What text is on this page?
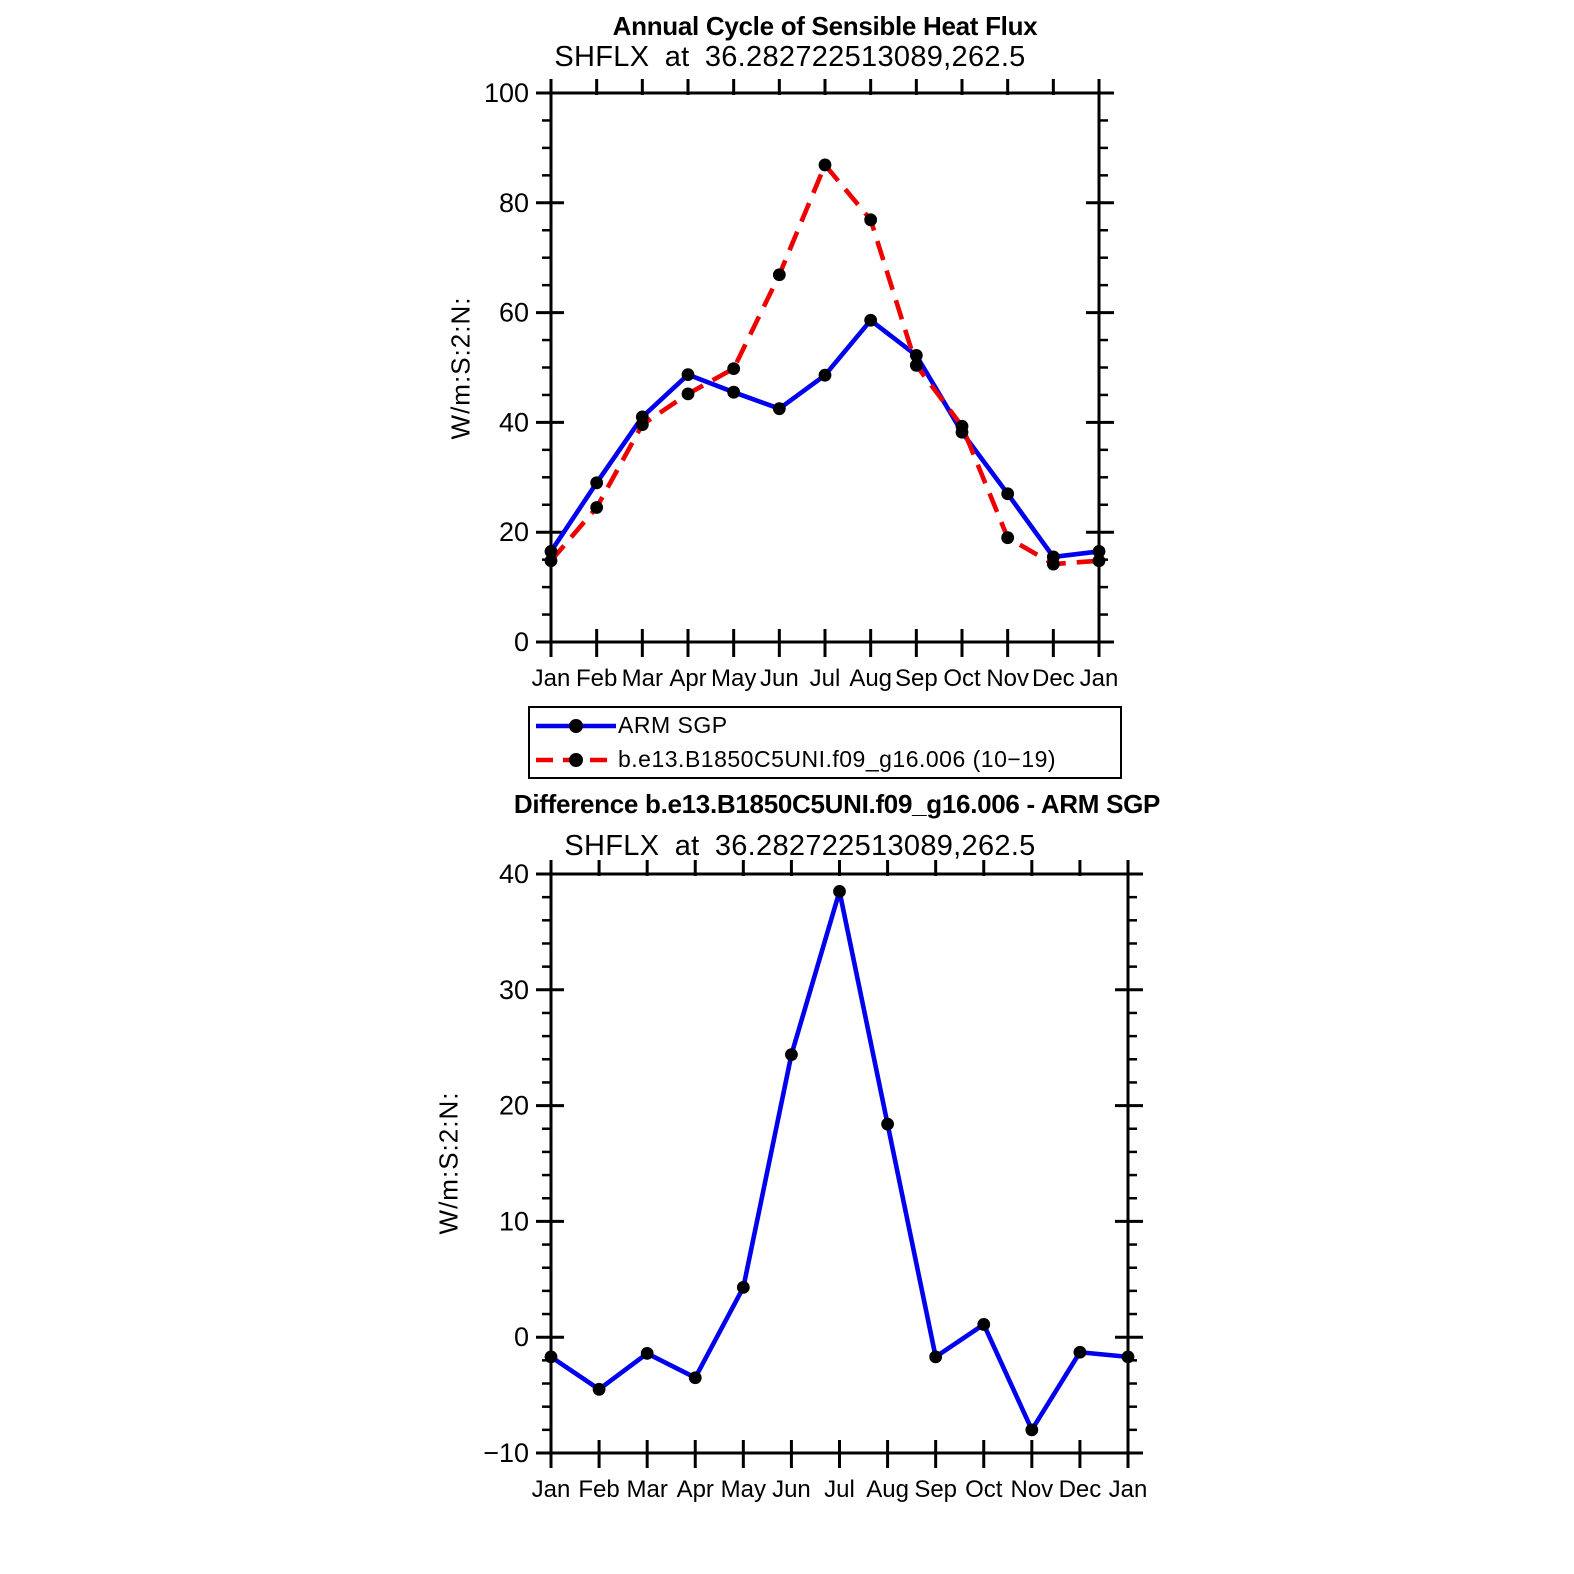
Jan Feb Mar Apr May Jun Jul Aug Sep Oct Nov Dec Jan
0
20
40
60
80
100
Jan Feb Mar Apr May Jun Jul Aug Sep Oct Nov Dec Jan
−10
0
10
20
30
40
Annual Cycle of Sensible Heat Flux
SHFLX at 36.282722513089,262.5
W/m:S:2:N:
ARM SGP
b.e13.B1850C5UNI.f09_g16.006 (10−19)
Difference b.e13.B1850C5UNI.f09_g16.006 - ARM SGP
SHFLX at 36.282722513089,262.5
W/m:S:2:N:
